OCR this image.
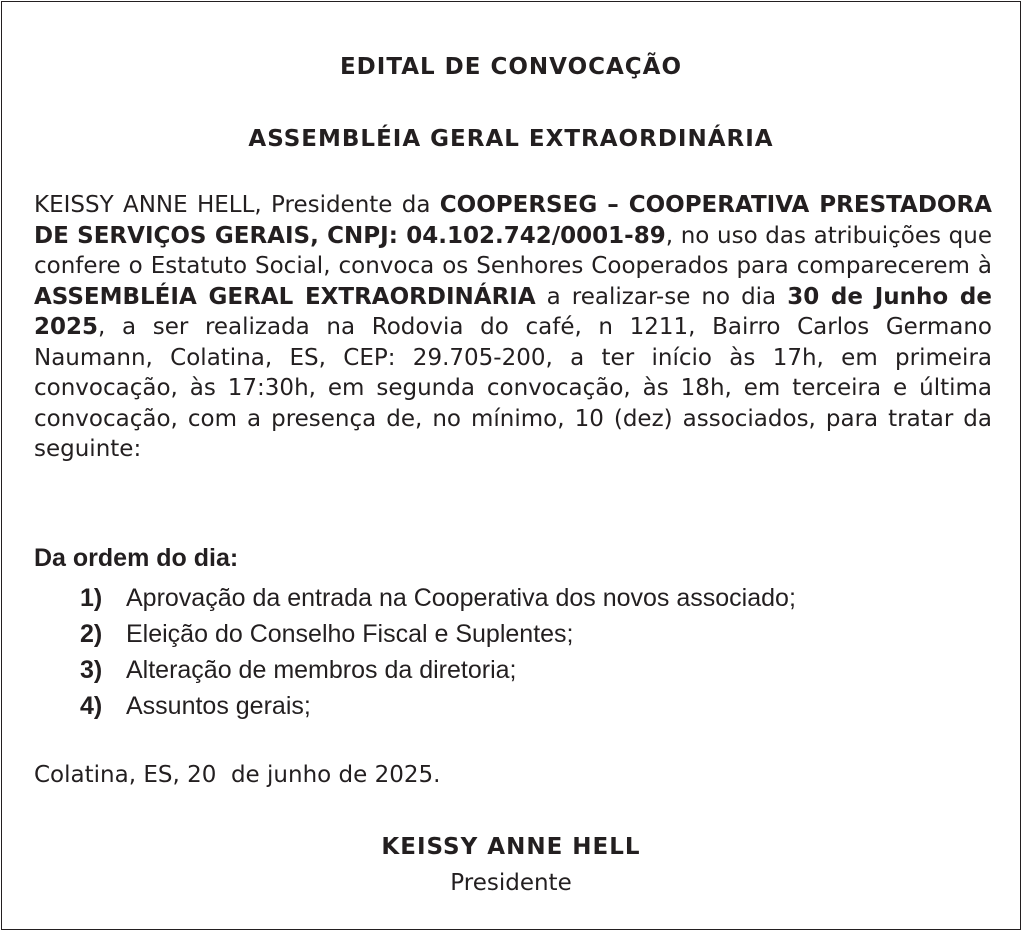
EDITAL DE CONVOCAÇÃO
ASSEMBLÉIA GERAL EXTRAORDINÁRIA

KEISSY ANNE HELL, Presidente da COOPERSEG – COOPERATIVA PRESTADORA DE SERVIÇOS GERAIS, CNPJ: 04.102.742/0001-89, no uso das atribuições que confere o Estatuto Social, convoca os Senhores Cooperados para comparecerem à ASSEMBLÉIA GERAL EXTRAORDINÁRIA a realizar-se no dia 30 de Junho de 2025, a ser realizada na Rodovia do café, n 1211, Bairro Carlos Germano Naumann, Colatina, ES, CEP: 29.705-200, a ter início às 17h, em primeira convocação, às 17:30h, em segunda convocação, às 18h, em terceira e última convocação, com a presença de, no mínimo, 10 (dez) associados, para tratar da seguinte:

Da ordem do dia:
1) Aprovação da entrada na Cooperativa dos novos associado;
2) Eleição do Conselho Fiscal e Suplentes;
3) Alteração de membros da diretoria;
4) Assuntos gerais;

Colatina, ES, 20  de junho de 2025.

KEISSY ANNE HELL

Presidente
